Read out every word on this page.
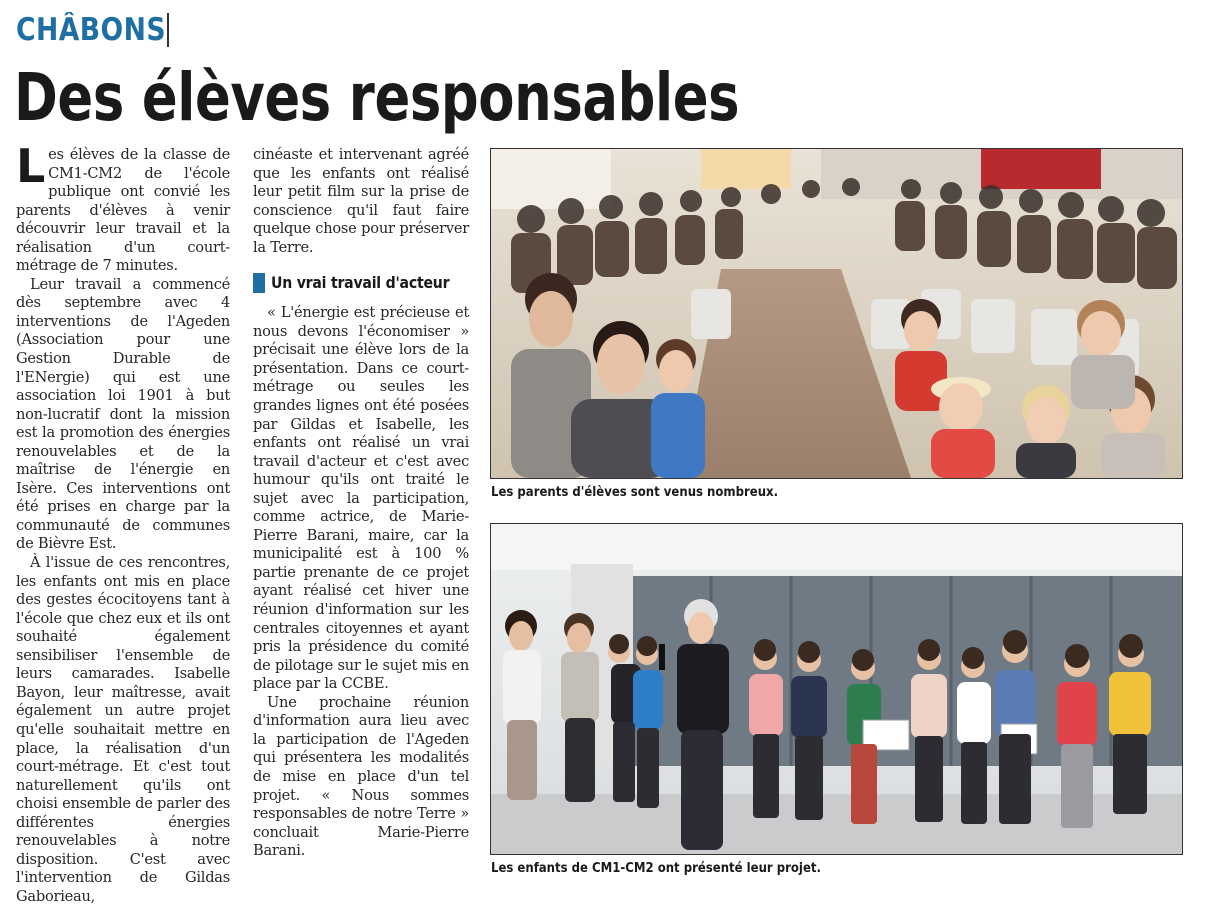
CHÂBONS
Des élèves responsables

Les élèves de la classe de CM1-CM2 de l'école publique ont convié les parents d'élèves à venir découvrir leur travail et la réalisation d'un court-métrage de 7 minutes.

Leur travail a commencé dès septembre avec 4 interventions de l'Ageden (Association pour une Gestion Durable de l'ENergie) qui est une association loi 1901 à but non-lucratif dont la mission est la promotion des énergies renouvelables et de la maîtrise de l'énergie en Isère. Ces interventions ont été prises en charge par la communauté de communes de Bièvre Est.

À l'issue de ces rencontres, les enfants ont mis en place des gestes écocitoyens tant à l'école que chez eux et ils ont souhaité également sensibiliser l'ensemble de leurs camarades. Isabelle Bayon, leur maîtresse, avait également un autre projet qu'elle souhaitait mettre en place, la réalisation d'un court-métrage. Et c'est tout naturellement qu'ils ont choisi ensemble de parler des différentes énergies renouvelables à notre disposition. C'est avec l'intervention de Gildas Gaborieau,

cinéaste et intervenant agréé que les enfants ont réalisé leur petit film sur la prise de conscience qu'il faut faire quelque chose pour préserver la Terre.

Un vrai travail d'acteur

« L'énergie est précieuse et nous devons l'économiser » précisait une élève lors de la présentation. Dans ce court-métrage ou seules les grandes lignes ont été posées par Gildas et Isabelle, les enfants ont réalisé un vrai travail d'acteur et c'est avec humour qu'ils ont traité le sujet avec la participation, comme actrice, de Marie-Pierre Barani, maire, car la municipalité est à 100 % partie prenante de ce projet ayant réalisé cet hiver une réunion d'information sur les centrales citoyennes et ayant pris la présidence du comité de pilotage sur le sujet mis en place par la CCBE.

Une prochaine réunion d'information aura lieu avec la participation de l'Ageden qui présentera les modalités de mise en place d'un tel projet. « Nous sommes responsables de notre Terre » concluait Marie-Pierre Barani.

Les parents d'élèves sont venus nombreux.
Les enfants de CM1-CM2 ont présenté leur projet.
